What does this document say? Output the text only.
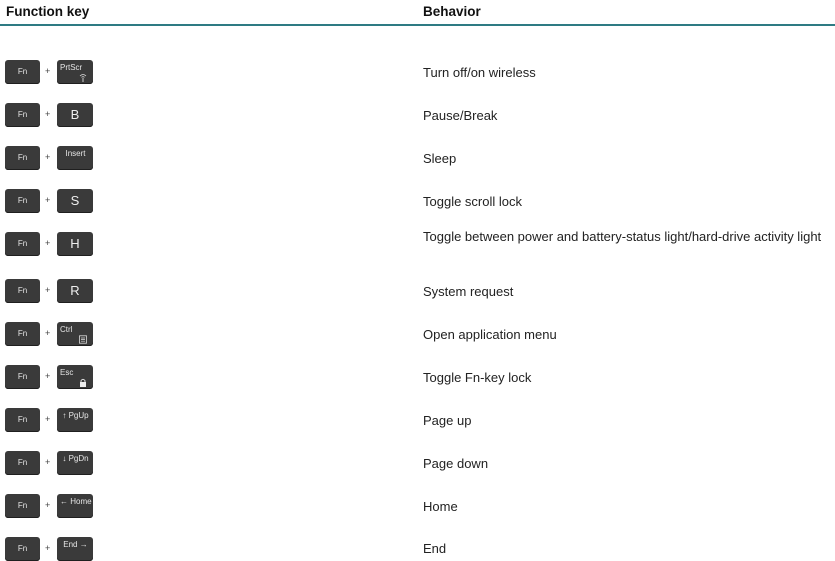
Function key	Behavior
Fn	+ PrtScr	Turn off/on wireless
Fn	+	B	Pause/Break
Fn	+	Insert	Sleep
Fn	+	S	Toggle scroll lock
Fn	+	H	Toggle between power and battery-status light/hard-drive activity light
Fn	+	R	System request
Fn	+ Ctrl	Open application menu
Fn	+ Esc	Toggle Fn-key lock
Fn	+ ↑ PgUp	Page up
Fn	+ ↓ PgDn	Page down
Fn	+ ← Home	Home
Fn	+	End →	End
